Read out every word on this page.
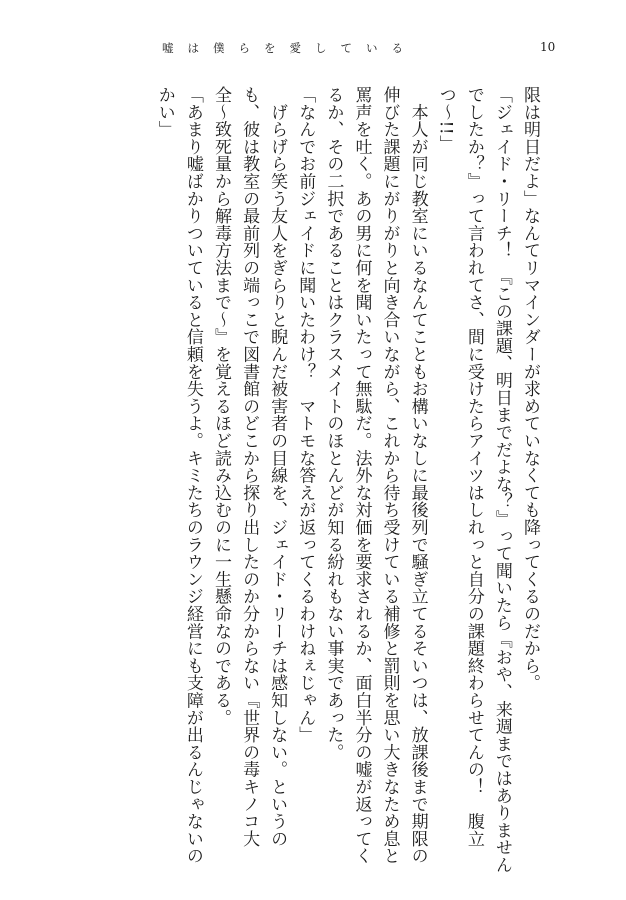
嘘は僕らを愛している	10

限は明日だよ」なんてリマインダーが求めていなくても降ってくるのだから。

「ジェイド・リーチ！　『この課題、明日までだよな？』って聞いたら『おや、来週まではありませんでしたか？』って言われてさ、間に受けたらアイツはしれっと自分の課題終わらせてんの！　腹立つ〜!!」

　本人が同じ教室にいるなんてこともお構いなしに最後列で騒ぎ立てるそいつは、放課後まで期限の伸びた課題にがりがりと向き合いながら、これから待ち受けている補修と罰則を思い大きなため息と罵声を吐く。あの男に何を聞いたって無駄だ。法外な対価を要求されるか、面白半分の嘘が返ってくるか、その二択であることはクラスメイトのほとんどが知る紛れもない事実であった。

「なんでお前ジェイドに聞いたわけ？　マトモな答えが返ってくるわけねぇじゃん」

　げらげら笑う友人をぎらりと睨んだ被害者の目線を、ジェイド・リーチは感知しない。というのも、彼は教室の最前列の端っこで図書館のどこから探り出したのか分からない『世界の毒キノコ大全〜致死量から解毒方法まで〜』を覚えるほど読み込むのに一生懸命なのである。

「あまり嘘ばかりついていると信頼を失うよ。キミたちのラウンジ経営にも支障が出るんじゃないのかい」
